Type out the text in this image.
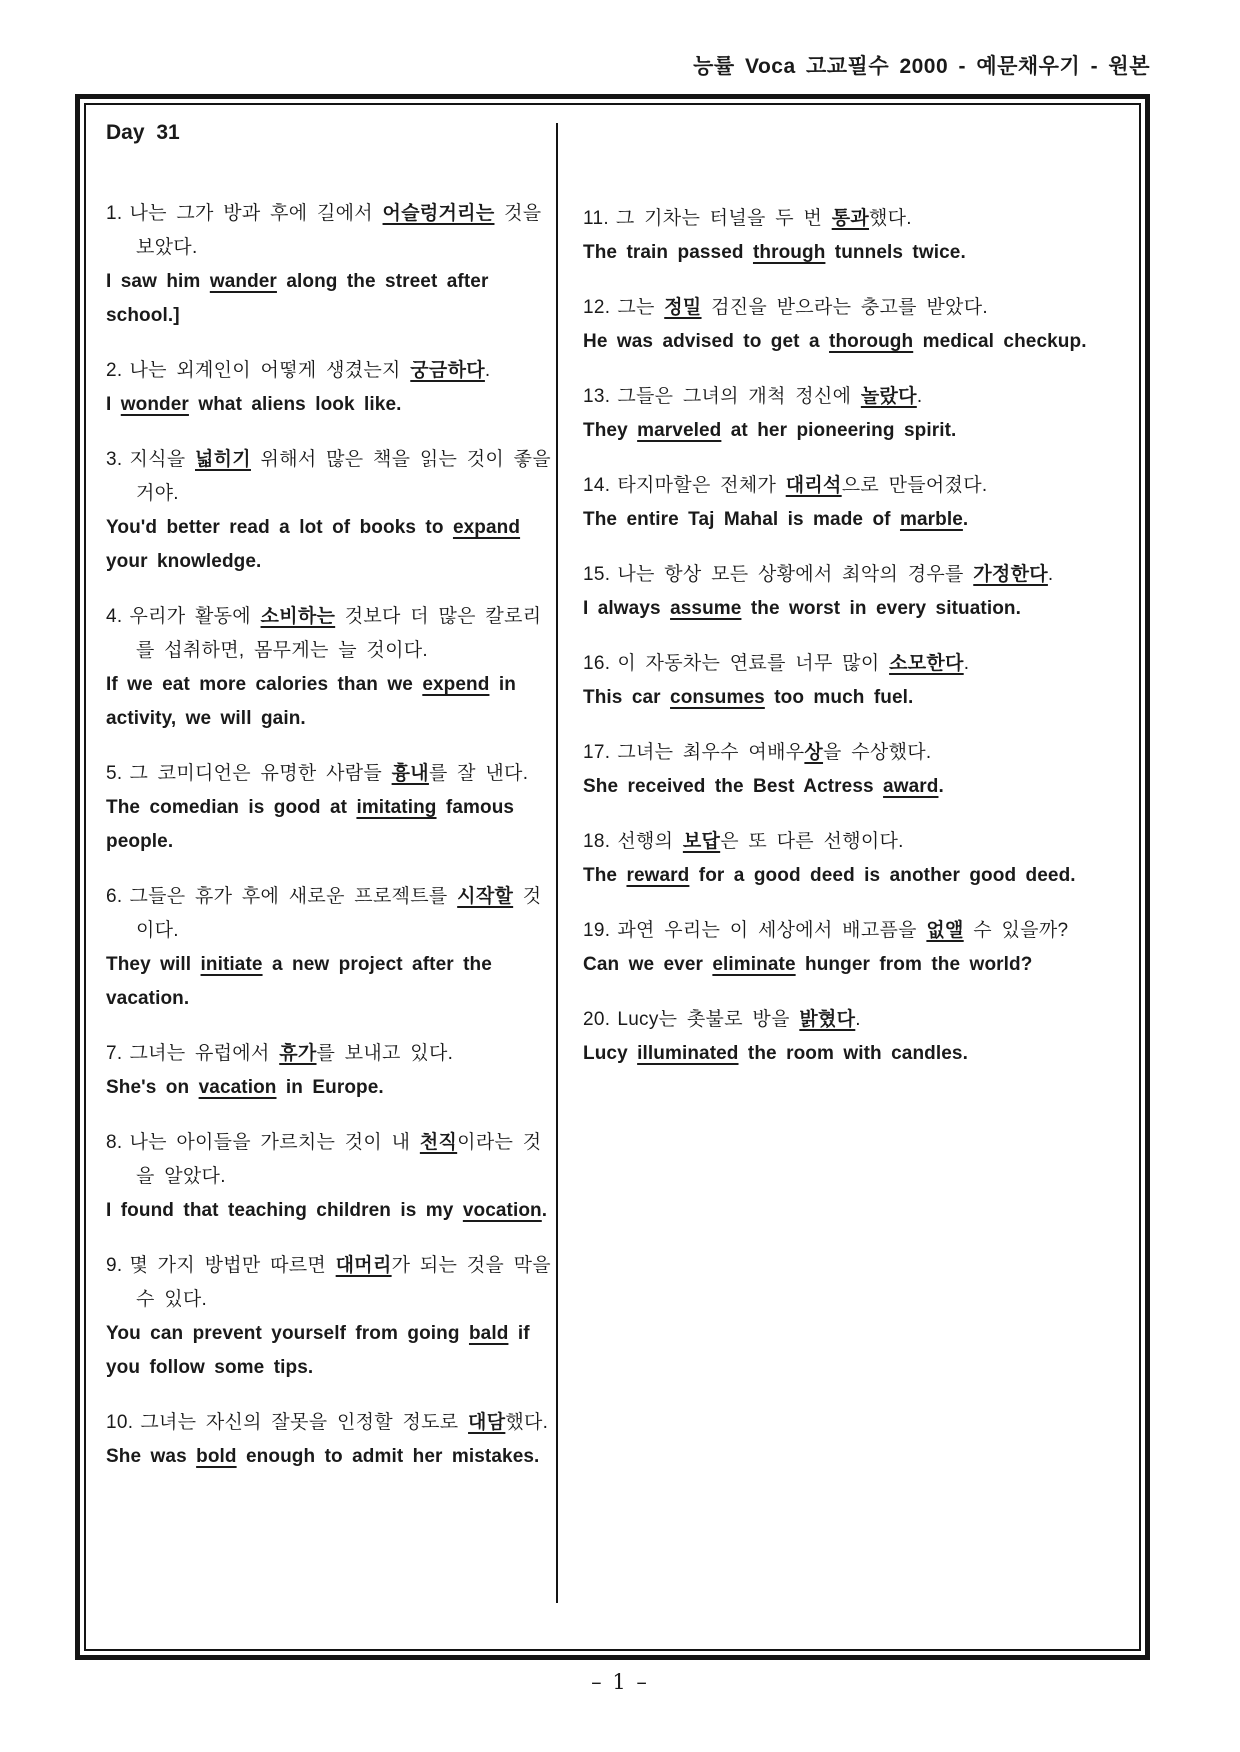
능률 Voca 고교필수 2000 - 예문채우기 - 원본
Day 31

1. 나는 그가 방과 후에 길에서 어슬렁거리는 것을 보았다.

I saw him wander along the street after school.]

2. 나는 외계인이 어떻게 생겼는지 궁금하다.

I wonder what aliens look like.

3. 지식을 넓히기 위해서 많은 책을 읽는 것이 좋을 거야.

You'd better read a lot of books to expand your knowledge.

4. 우리가 활동에 소비하는 것보다 더 많은 칼로리를 섭취하면, 몸무게는 늘 것이다.

If we eat more calories than we expend in activity, we will gain.

5. 그 코미디언은 유명한 사람들 흉내를 잘 낸다.

The comedian is good at imitating famous people.

6. 그들은 휴가 후에 새로운 프로젝트를 시작할 것이다.

They will initiate a new project after the vacation.

7. 그녀는 유럽에서 휴가를 보내고 있다.

She's on vacation in Europe.

8. 나는 아이들을 가르치는 것이 내 천직이라는 것을 알았다.

I found that teaching children is my vocation.

9. 몇 가지 방법만 따르면 대머리가 되는 것을 막을 수 있다.

You can prevent yourself from going bald if you follow some tips.

10. 그녀는 자신의 잘못을 인정할 정도로 대담했다.

She was bold enough to admit her mistakes.

11. 그 기차는 터널을 두 번 통과했다.

The train passed through tunnels twice.

12. 그는 정밀 검진을 받으라는 충고를 받았다.

He was advised to get a thorough medical checkup.

13. 그들은 그녀의 개척 정신에 놀랐다.

They marveled at her pioneering spirit.

14. 타지마할은 전체가 대리석으로 만들어졌다.

The entire Taj Mahal is made of marble.

15. 나는 항상 모든 상황에서 최악의 경우를 가정한다.

I always assume the worst in every situation.

16. 이 자동차는 연료를 너무 많이 소모한다.

This car consumes too much fuel.

17. 그녀는 최우수 여배우상을 수상했다.

She received the Best Actress award.

18. 선행의 보답은 또 다른 선행이다.

The reward for a good deed is another good deed.

19. 과연 우리는 이 세상에서 배고픔을 없앨 수 있을까?

Can we ever eliminate hunger from the world?

20. Lucy는 촛불로 방을 밝혔다.

Lucy illuminated the room with candles.

– 1 –
